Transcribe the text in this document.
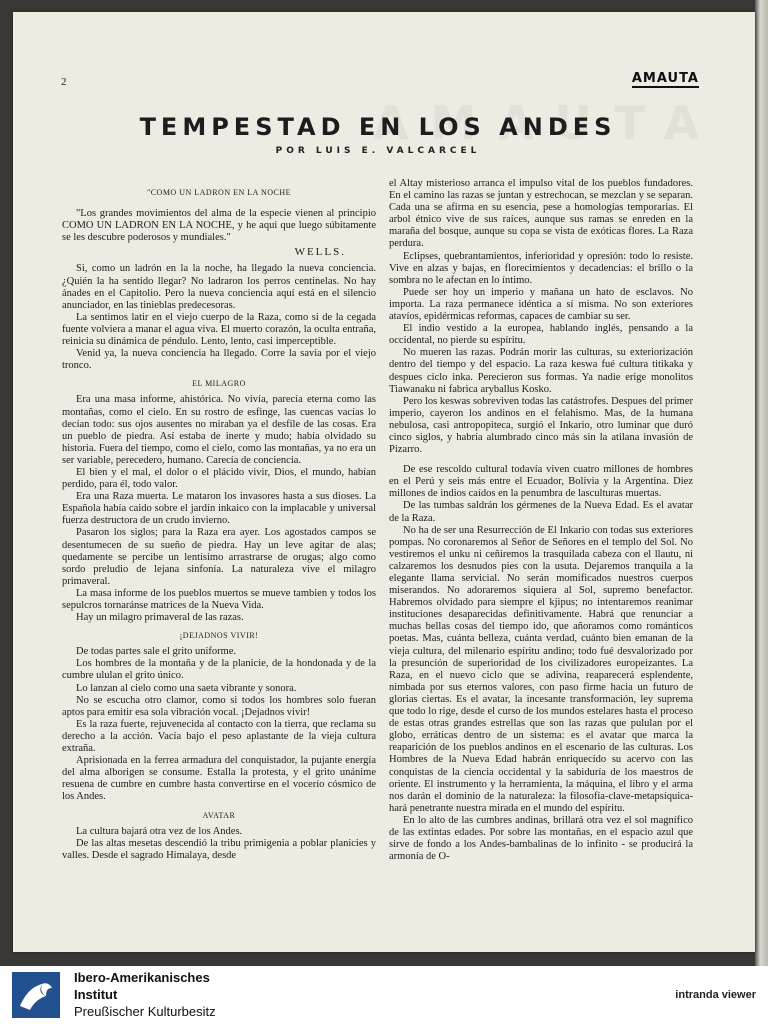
2	AMAUTA
TEMPESTAD EN LOS ANDES
POR LUIS E. VALCARCEL
"COMO UN LADRON EN LA NOCHE

"Los grandes movimientos del alma de la especie vienen al principio COMO UN LADRON EN LA NOCHE, y he aqui que luego súbitamente se les descubre poderosos y mundiales."

WELLS.

Si, como un ladrón en la la noche, ha llegado la nueva conciencia. ¿Quién la ha sentido llegar? No ladraron los perros centinelas. No hay ánades en el Capitolio. Pero la nueva conciencia aquí está en el silencio anunciador, en las tinieblas predecesoras.

La sentimos latir en el viejo cuerpo de la Raza, como si de la cegada fuente volviera a manar el agua viva. El muerto corazón, la oculta entraña, reinicia su dinámica de péndulo. Lento, lento, casi imperceptible.

Venid ya, la nueva conciencia ha llegado. Corre la savia por el viejo tronco.

EL MILAGRO

Era una masa informe, ahistórica. No vivía, parecía eterna como las montañas, como el cielo. En su rostro de esfinge, las cuencas vacías lo decían todo: sus ojos ausentes no miraban ya el desfile de las cosas. Era un pueblo de piedra. Así estaba de inerte y mudo; había olvidado su historia. Fuera del tiempo, como el cielo, como las montañas, ya no era un ser variable, perecedero, humano. Carecía de conciencia.

El bien y el mal, el dolor o el plácido vivir, Dios, el mundo, habían perdido, para él, todo valor.

Era una Raza muerta. Le mataron los invasores hasta a sus dioses. La Española había caido sobre el jardín inkaico con la implacable y universal fuerza destructora de un crudo invierno.

Pasaron los siglos; para la Raza era ayer. Los agostados campos se desentumecen de su sueño de piedra. Hay un leve agitar de alas; quedamente se percibe un lentísimo arrastrarse de orugas; algo como sordo preludio de lejana sinfonía. La naturaleza vive el milagro primaveral.

La masa informe de los pueblos muertos se mueve tambien y todos los sepulcros tornaránse matrices de la Nueva Vida.

Hay un milagro primaveral de las razas.

¡DEJADNOS VIVIR!

De todas partes sale el grito uniforme.

Los hombres de la montaña y de la planicie, de la hondonada y de la cumbre ululan el grito único.

Lo lanzan al cielo como una saeta vibrante y sonora.

No se escucha otro clamor, como si todos los hombres solo fueran aptos para emitir esa sola vibración vocal. ¡Dejadnos vivir!

Es la raza fuerte, rejuvenecida al contacto con la tierra, que reclama su derecho a la acción. Vacía bajo el peso aplastante de la vieja cultura extraña.

Aprisionada en la ferrea armadura del conquistador, la pujante energía del alma alborigen se consume. Estalla la protesta, y el grito unánime resuena de cumbre en cumbre hasta convertirse en el vocerío cósmico de los Andes.

AVATAR

La cultura bajará otra vez de los Andes.

De las altas mesetas descendió la tribu primigenia a poblar planicies y valles. Desde el sagrado Himalaya, desde

el Altay misterioso arranca el impulso vital de los pueblos fundadores. En el camino las razas se juntan y estrechocan, se mezclan y se separan. Cada una se afirma en su esencia, pese a homologías temporarias. El arbol étnico vive de sus raíces, aunque sus ramas se enreden en la maraña del bosque, aunque su copa se vista de exóticas flores. La Raza perdura.

Eclipses, quebrantamientos, inferioridad y opresión: todo lo resiste. Vive en alzas y bajas, en florecimientos y decadencias: el brillo o la sombra no le afectan en lo íntimo.

Puede ser hoy un imperio y mañana un hato de esclavos. No importa. La raza permanece idéntica a sí misma. No son exteriores atavíos, epidérmicas reformas, capaces de cambiar su ser.

El indio vestido a la europea, hablando inglés, pensando a la occidental, no pierde su espíritu.

No mueren las razas. Podrán morir las culturas, su exteriorización dentro del tiempo y del espacio. La raza keswa fué cultura titikaka y despues ciclo inka. Perecieron sus formas. Ya nadie erige monolitos Tiawanaku ni fabrica aryballus Kosko.

Pero los keswas sobreviven todas las catástrofes. Despues del primer imperio, cayeron los andinos en el felahismo. Mas, de la humana nebulosa, casi antropopiteca, surgió el Inkario, otro luminar que duró cinco siglos, y habría alumbrado cinco más sin la atilana invasión de Pizarro.

De ese rescoldo cultural todavía viven cuatro millones de hombres en el Perú y seis más entre el Ecuador, Bolivia y la Argentina. Diez millones de indios caídos en la penumbra de lasculturas muertas.

De las tumbas saldrán los gérmenes de la Nueva Edad. Es el avatar de la Raza.

No ha de ser una Resurrección de El Inkario con todas sus exteriores pompas. No coronaremos al Señor de Señores en el templo del Sol. No vestiremos el unku ni ceñiremos la trasquilada cabeza con el llautu, ni calzaremos los desnudos pies con la usuta. Dejaremos tranquila a la elegante llama servicial. No serán momificados nuestros cuerpos miserandos. No adoraremos siquiera al Sol, supremo benefactor. Habremos olvidado para siempre el kjipus; no intentaremos reanimar instituciones desaparecidas definitivamente. Habrá que renunciar a muchas bellas cosas del tiempo ido, que añoramos como románticos poetas. Mas, cuánta belleza, cuánta verdad, cuánto bien emanan de la vieja cultura, del milenario espíritu andino; todo fué desvalorizado por la presunción de superioridad de los civilizadores europeizantes. La Raza, en el nuevo ciclo que se adivina, reaparecerá esplendente, nimbada por sus eternos valores, con paso firme hacia un futuro de glorias ciertas. Es el avatar, la incesante transformación, ley suprema que todo lo rige, desde el curso de los mundos estelares hasta el proceso de estas otras grandes estrellas que son las razas que pululan por el globo, erráticas dentro de un sistema: es el avatar que marca la reaparición de los pueblos andinos en el escenario de las culturas. Los Hombres de la Nueva Edad habrán enriquecido su acervo con las conquistas de la ciencia occidental y la sabiduría de los maestros de oriente. El instrumento y la herramienta, la máquina, el libro y el arma nos darán el dominio de la naturaleza: la filosofía-clave-metapsíquica-hará penetrante nuestra mirada en el mundo del espíritu.

En lo alto de las cumbres andinas, brillará otra vez el sol magnífico de las extintas edades. Por sobre las montañas, en el espacio azul que sirve de fondo a los Andes-bambalinas de lo infinito - se producirá la armonía de O-

Ibero-Amerikanisches
Institut
Preußischer Kulturbesitz
intranda viewer
